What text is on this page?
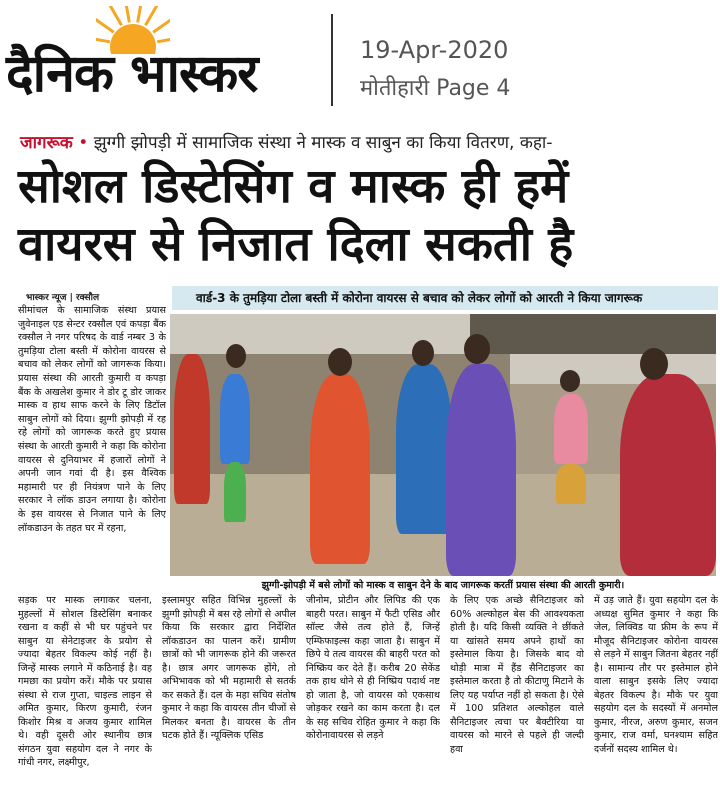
दैनिक भास्कर	19-Apr-2020
मोतीहारी Page 4
जागरूक • झुग्गी झोपड़ी में सामाजिक संस्था ने मास्क व साबुन का किया वितरण, कहा-
सोशल डिस्टेसिंग व मास्क ही हमें
वायरस से निजात दिला सकती है
भास्कर न्यूज | रक्सौल	वार्ड-3 के तुमड़िया टोला बस्ती में कोरोना वायरस से बचाव को लेकर लोगों को आरती ने किया जागरूक
सीमांचल के सामाजिक संस्था प्रयास जुवेनाइल एड सेन्टर रक्सौल एवं कपड़ा बैंक रक्सौल ने नगर परिषद के वार्ड नम्बर 3 के तुमड़िया टोला बस्ती में कोरोना वायरस से बचाव को लेकर लोगों को जागरूक किया। प्रयास संस्था की आरती कुमारी व कपड़ा बैंक के अखलेश कुमार ने डोर टू डोर जाकर मास्क व हाथ साफ करने के लिए डिटॉल साबुन लोगों को दिया। झुग्गी झोपड़ी में रह रहे लोगों को जागरूक करते हुए प्रयास संस्था के आरती कुमारी ने कहा कि कोरोना वायरस से दुनियाभर में हजारों लोगों ने अपनी जान गवां दी है। इस वैश्विक महामारी पर ही नियंत्रण पाने के लिए सरकार ने लॉक डाउन लगाया है। कोरोना के इस वायरस से निजात पाने के लिए लॉकडाउन के तहत घर में रहना,
झुग्गी-झोपड़ी में बसे लोगों को मास्क व साबुन देने के बाद जागरूक करतीं प्रयास संस्था की आरती कुमारी।
सड़क पर मास्क लगाकर चलना, मुहल्लों में सोशल डिस्टेसिंग बनाकर रखना व कहीं से भी घर पहुंचने पर साबुन या सेनेटाइजर के प्रयोग से ज्यादा बेहतर विकल्प कोई नहीं है। जिन्हें मास्क लगाने में कठिनाई है। वह गमछा का प्रयोग करें। मौके पर प्रयास संस्था से राज गुप्ता, चाइल्ड लाइन से अमित कुमार, किरण कुमारी, रंजन किशोर मिश्र व अजय कुमार शामिल थे। वही दूसरी ओर स्थानीय छात्र संगठन युवा सहयोग दल ने नगर के गांधी नगर, लक्ष्मीपुर,
इस्लामपुर सहित विभिन्न मुहल्लों के झुग्गी झोपड़ी में बस रहे लोगों से अपील किया कि सरकार द्वारा निर्देशित लॉकडाउन का पालन करें। ग्रामीण छात्रों को भी जागरूक होने की जरूरत है। छात्र अगर जागरूक होंगे, तो अभिभावक को भी महामारी से सतर्क कर सकते हैं। दल के महा सचिव संतोष कुमार ने कहा कि वायरस तीन चीजों से मिलकर बनता है। वायरस के तीन घटक होते हैं। न्यूक्लिक एसिड
जीनोम, प्रोटीन और लिपिड की एक बाहरी परत। साबुन में फैटी एसिड और सॉल्ट जैसे तत्व होते हैं, जिन्हें एम्फिफाइल्स कहा जाता है। साबुन में छिपे ये तत्व वायरस की बाहरी परत को निष्क्रिय कर देते हैं। करीब 20 सेकेंड तक हाथ धोने से ही निष्प्रिय पदार्थ नष्ट हो जाता है, जो वायरस को एकसाथ जोड़कर रखने का काम करता है। दल के सह सचिव रोहित कुमार ने कहा कि कोरोनावायरस से लड़ने
के लिए एक अच्छे सैनिटाइजर को 60% अल्कोहल बेस की आवश्यकता होती है। यदि किसी व्यक्ति ने छींकते या खांसते समय अपने हाथों का इस्तेमाल किया है। जिसके बाद वो थोड़ी मात्रा में हैंड सैनिटाइजर का इस्तेमाल करता है तो कीटाणु मिटाने के लिए यह पर्याप्त नहीं हो सकता है। ऐसे में 100 प्रतिशत अल्कोहल वाले सैनिटाइजर त्वचा पर बैक्टीरिया या वायरस को मारने से पहले ही जल्दी हवा
में उड़ जाते हैं। युवा सहयोग दल के अध्यक्ष सुमित कुमार ने कहा कि जेल, लिक्विड या फ्रीम के रूप में मौजूद सैनिटाइजर कोरोना वायरस से लड़ने में साबुन जितना बेहतर नहीं है। सामान्य तौर पर इस्तेमाल होने वाला साबुन इसके लिए ज्यादा बेहतर विकल्प है। मौके पर युवा सहयोग दल के सदस्यों में अनमोल कुमार, नीरज, अरुण कुमार, सजन कुमार, राज वर्मा, घनश्याम सहित दर्जनों सदस्य शामिल थे।
